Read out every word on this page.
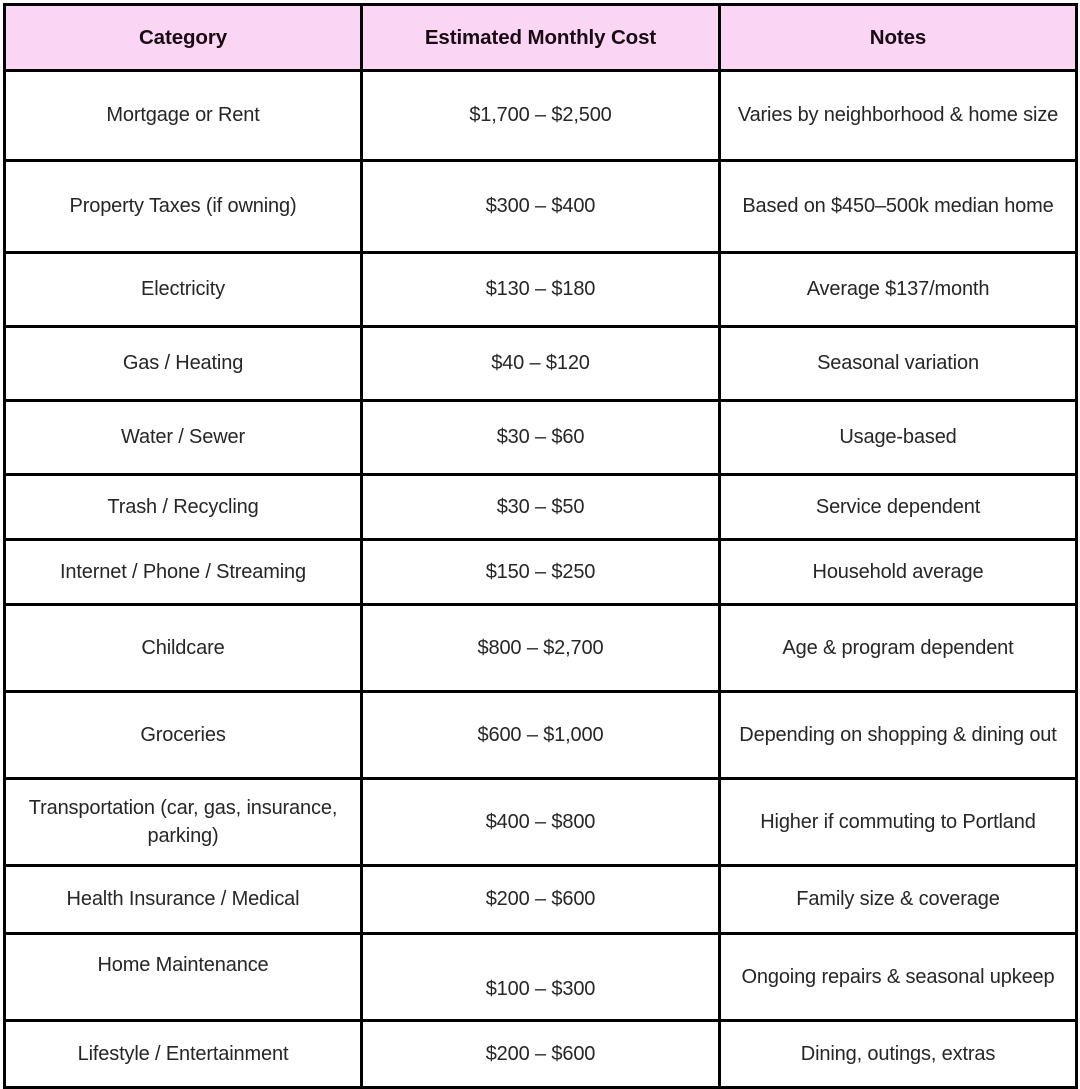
Category	Estimated Monthly Cost	Notes
Mortgage or Rent	$1,700 – $2,500	Varies by neighborhood & home size
Property Taxes (if owning)	$300 – $400	Based on $450–500k median home
Electricity	$130 – $180	Average $137/month
Gas / Heating	$40 – $120	Seasonal variation
Water / Sewer	$30 – $60	Usage-based
Trash / Recycling	$30 – $50	Service dependent
Internet / Phone / Streaming	$150 – $250	Household average
Childcare	$800 – $2,700	Age & program dependent
Groceries	$600 – $1,000	Depending on shopping & dining out
Transportation (car, gas, insurance, parking)	$400 – $800	Higher if commuting to Portland
Health Insurance / Medical	$200 – $600	Family size & coverage
Home Maintenance	$100 – $300	Ongoing repairs & seasonal upkeep
Lifestyle / Entertainment	$200 – $600	Dining, outings, extras
